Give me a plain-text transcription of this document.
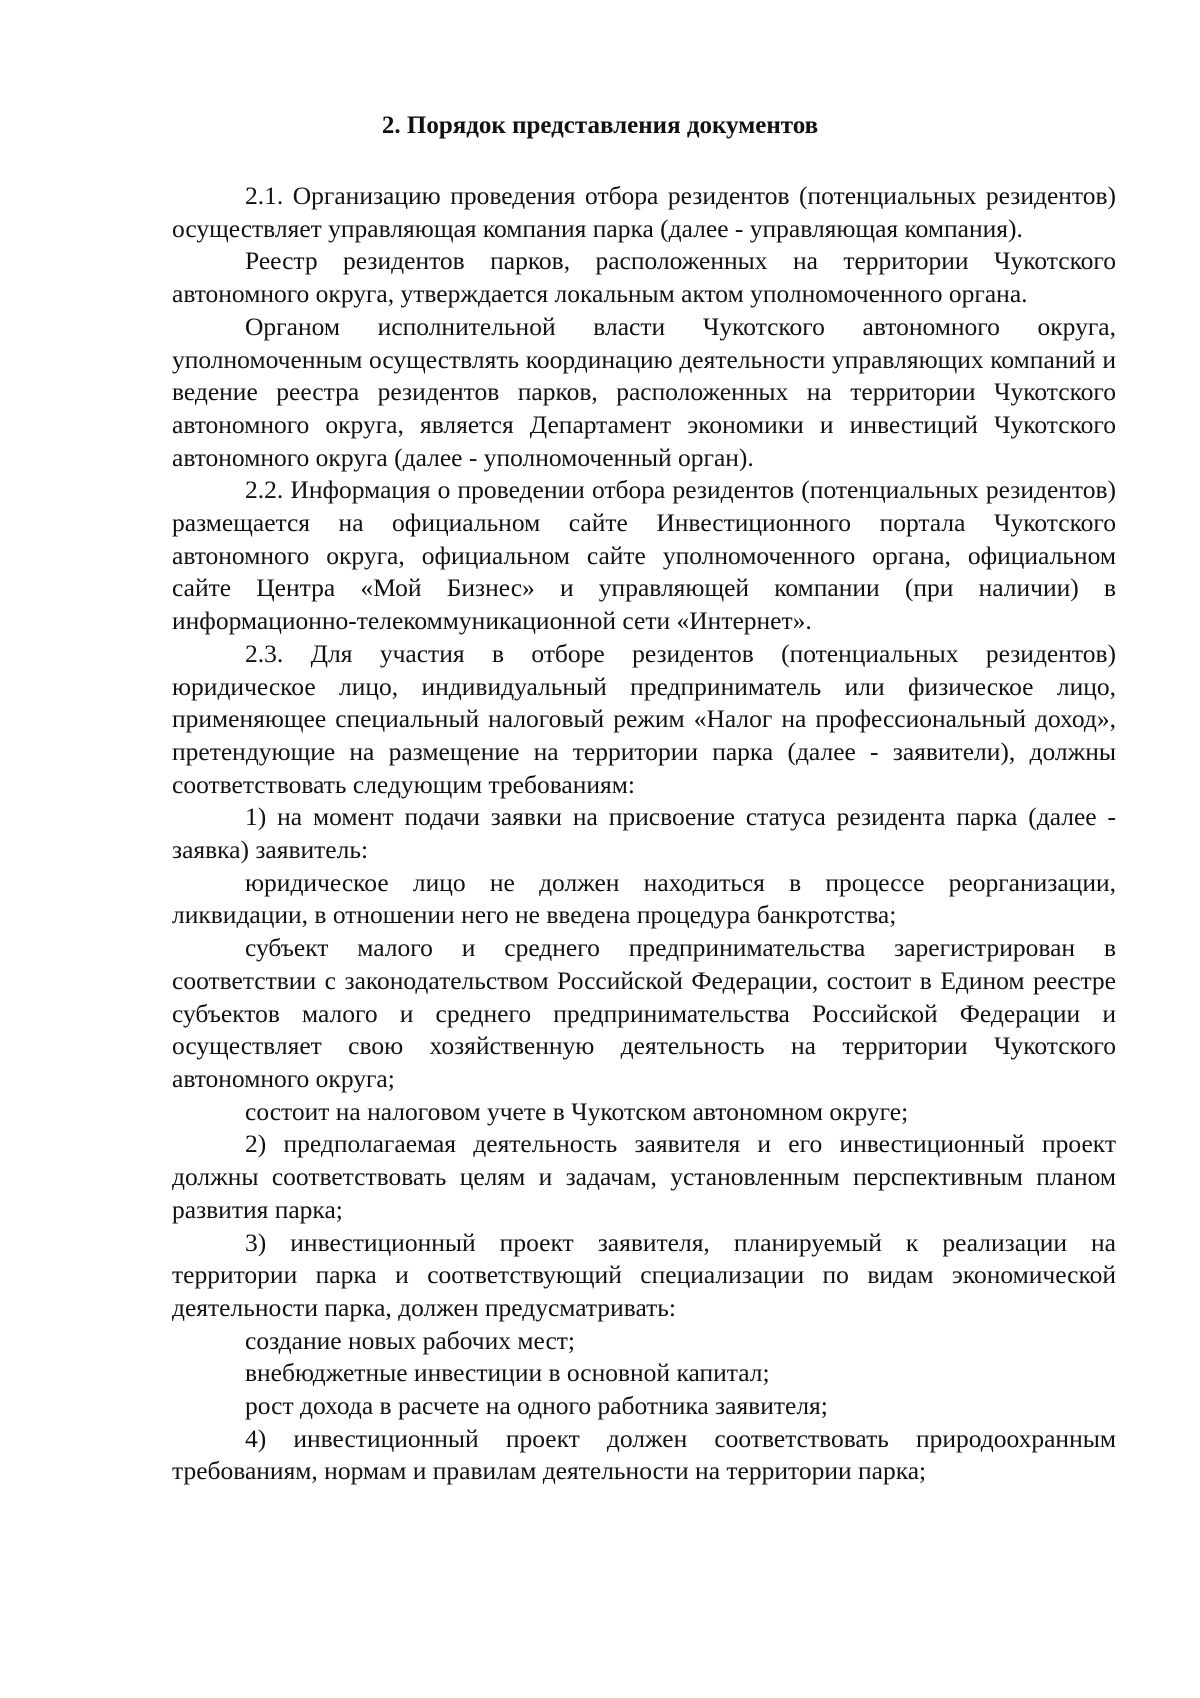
2. Порядок представления документов

2.1. Организацию проведения отбора резидентов (потенциальных резидентов) осуществляет управляющая компания парка (далее - управляющая компания).

Реестр резидентов парков, расположенных на территории Чукотского автономного округа, утверждается локальным актом уполномоченного органа.

Органом исполнительной власти Чукотского автономного округа, уполномоченным осуществлять координацию деятельности управляющих компаний и ведение реестра резидентов парков, расположенных на территории Чукотского автономного округа, является Департамент экономики и инвестиций Чукотского автономного округа (далее - уполномоченный орган).

2.2. Информация о проведении отбора резидентов (потенциальных резидентов) размещается на официальном сайте Инвестиционного портала Чукотского автономного округа, официальном сайте уполномоченного органа, официальном сайте Центра «Мой Бизнес» и управляющей компании (при наличии) в информационно-телекоммуникационной сети «Интернет».

2.3. Для участия в отборе резидентов (потенциальных резидентов) юридическое лицо, индивидуальный предприниматель или физическое лицо, применяющее специальный налоговый режим «Налог на профессиональный доход», претендующие на размещение на территории парка (далее - заявители), должны соответствовать следующим требованиям:

1) на момент подачи заявки на присвоение статуса резидента парка (далее - заявка) заявитель:

юридическое лицо не должен находиться в процессе реорганизации, ликвидации, в отношении него не введена процедура банкротства;

субъект малого и среднего предпринимательства зарегистрирован в соответствии с законодательством Российской Федерации, состоит в Едином реестре субъектов малого и среднего предпринимательства Российской Федерации и осуществляет свою хозяйственную деятельность на территории Чукотского автономного округа;

состоит на налоговом учете в Чукотском автономном округе;

2) предполагаемая деятельность заявителя и его инвестиционный проект должны соответствовать целям и задачам, установленным перспективным планом развития парка;

3) инвестиционный проект заявителя, планируемый к реализации на территории парка и соответствующий специализации по видам экономической деятельности парка, должен предусматривать:

создание новых рабочих мест;

внебюджетные инвестиции в основной капитал;

рост дохода в расчете на одного работника заявителя;

4) инвестиционный проект должен соответствовать природоохранным требованиям, нормам и правилам деятельности на территории парка;
